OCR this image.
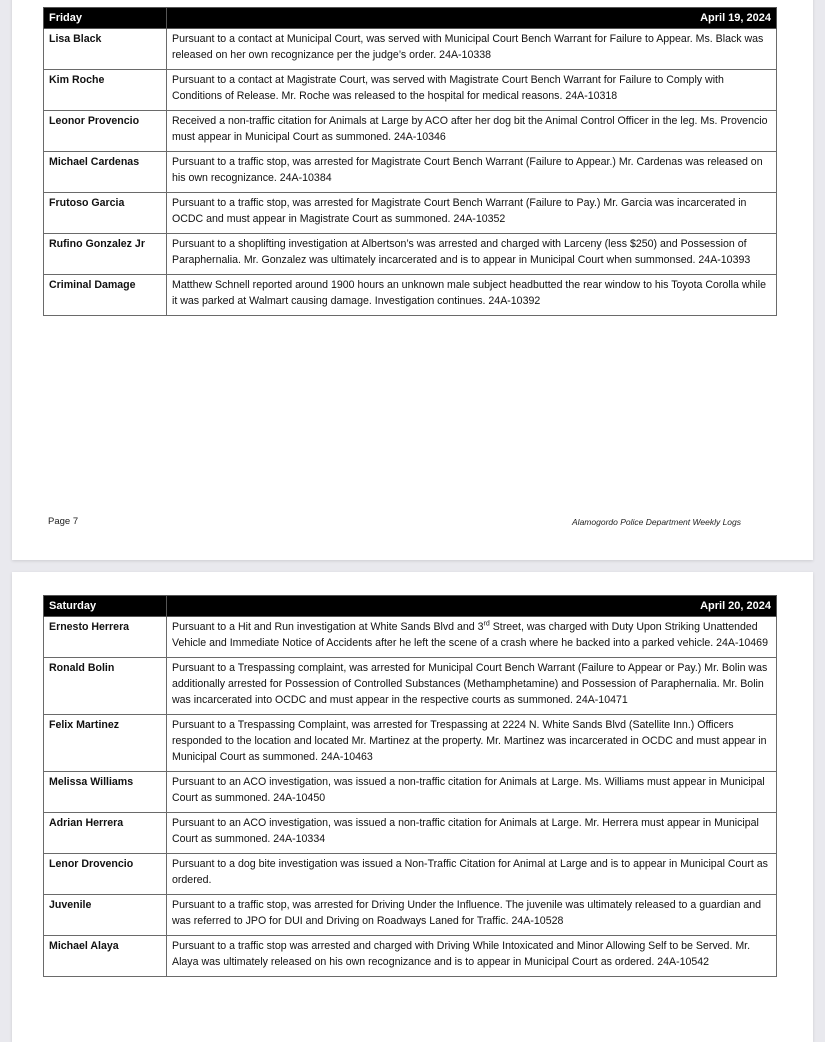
Friday	April 19, 2024
Lisa Black	Pursuant to a contact at Municipal Court, was served with Municipal Court Bench Warrant for Failure to Appear. Ms. Black was released on her own recognizance per the judge’s order. 24A-10338
Kim Roche	Pursuant to a contact at Magistrate Court, was served with Magistrate Court Bench Warrant for Failure to Comply with Conditions of Release. Mr. Roche was released to the hospital for medical reasons. 24A-10318
Leonor Provencio	Received a non-traffic citation for Animals at Large by ACO after her dog bit the Animal Control Officer in the leg. Ms. Provencio must appear in Municipal Court as summoned. 24A-10346
Michael Cardenas	Pursuant to a traffic stop, was arrested for Magistrate Court Bench Warrant (Failure to Appear.) Mr. Cardenas was released on his own recognizance. 24A-10384
Frutoso Garcia	Pursuant to a traffic stop, was arrested for Magistrate Court Bench Warrant (Failure to Pay.) Mr. Garcia was incarcerated in OCDC and must appear in Magistrate Court as summoned. 24A-10352
Rufino Gonzalez Jr	Pursuant to a shoplifting investigation at Albertson’s was arrested and charged with Larceny (less $250) and Possession of Paraphernalia. Mr. Gonzalez was ultimately incarcerated and is to appear in Municipal Court when summonsed. 24A-10393
Criminal Damage	Matthew Schnell reported around 1900 hours an unknown male subject headbutted the rear window to his Toyota Corolla while it was parked at Walmart causing damage. Investigation continues. 24A-10392
Page 7	Alamogordo Police Department Weekly Logs
Saturday	April 20, 2024
Ernesto Herrera	Pursuant to a Hit and Run investigation at White Sands Blvd and 3rd Street, was charged with Duty Upon Striking Unattended Vehicle and Immediate Notice of Accidents after he left the scene of a crash where he backed into a parked vehicle. 24A-10469
Ronald Bolin	Pursuant to a Trespassing complaint, was arrested for Municipal Court Bench Warrant (Failure to Appear or Pay.) Mr. Bolin was additionally arrested for Possession of Controlled Substances (Methamphetamine) and Possession of Paraphernalia. Mr. Bolin was incarcerated into OCDC and must appear in the respective courts as summoned. 24A-10471
Felix Martinez	Pursuant to a Trespassing Complaint, was arrested for Trespassing at 2224 N. White Sands Blvd (Satellite Inn.) Officers responded to the location and located Mr. Martinez at the property. Mr. Martinez was incarcerated in OCDC and must appear in Municipal Court as summoned. 24A-10463
Melissa Williams	Pursuant to an ACO investigation, was issued a non-traffic citation for Animals at Large. Ms. Williams must appear in Municipal Court as summoned. 24A-10450
Adrian Herrera	Pursuant to an ACO investigation, was issued a non-traffic citation for Animals at Large. Mr. Herrera must appear in Municipal Court as summoned. 24A-10334
Lenor Drovencio	Pursuant to a dog bite investigation was issued a Non-Traffic Citation for Animal at Large and is to appear in Municipal Court as ordered.
Juvenile	Pursuant to a traffic stop, was arrested for Driving Under the Influence. The juvenile was ultimately released to a guardian and was referred to JPO for DUI and Driving on Roadways Laned for Traffic. 24A-10528
Michael Alaya	Pursuant to a traffic stop was arrested and charged with Driving While Intoxicated and Minor Allowing Self to be Served. Mr. Alaya was ultimately released on his own recognizance and is to appear in Municipal Court as ordered. 24A-10542
